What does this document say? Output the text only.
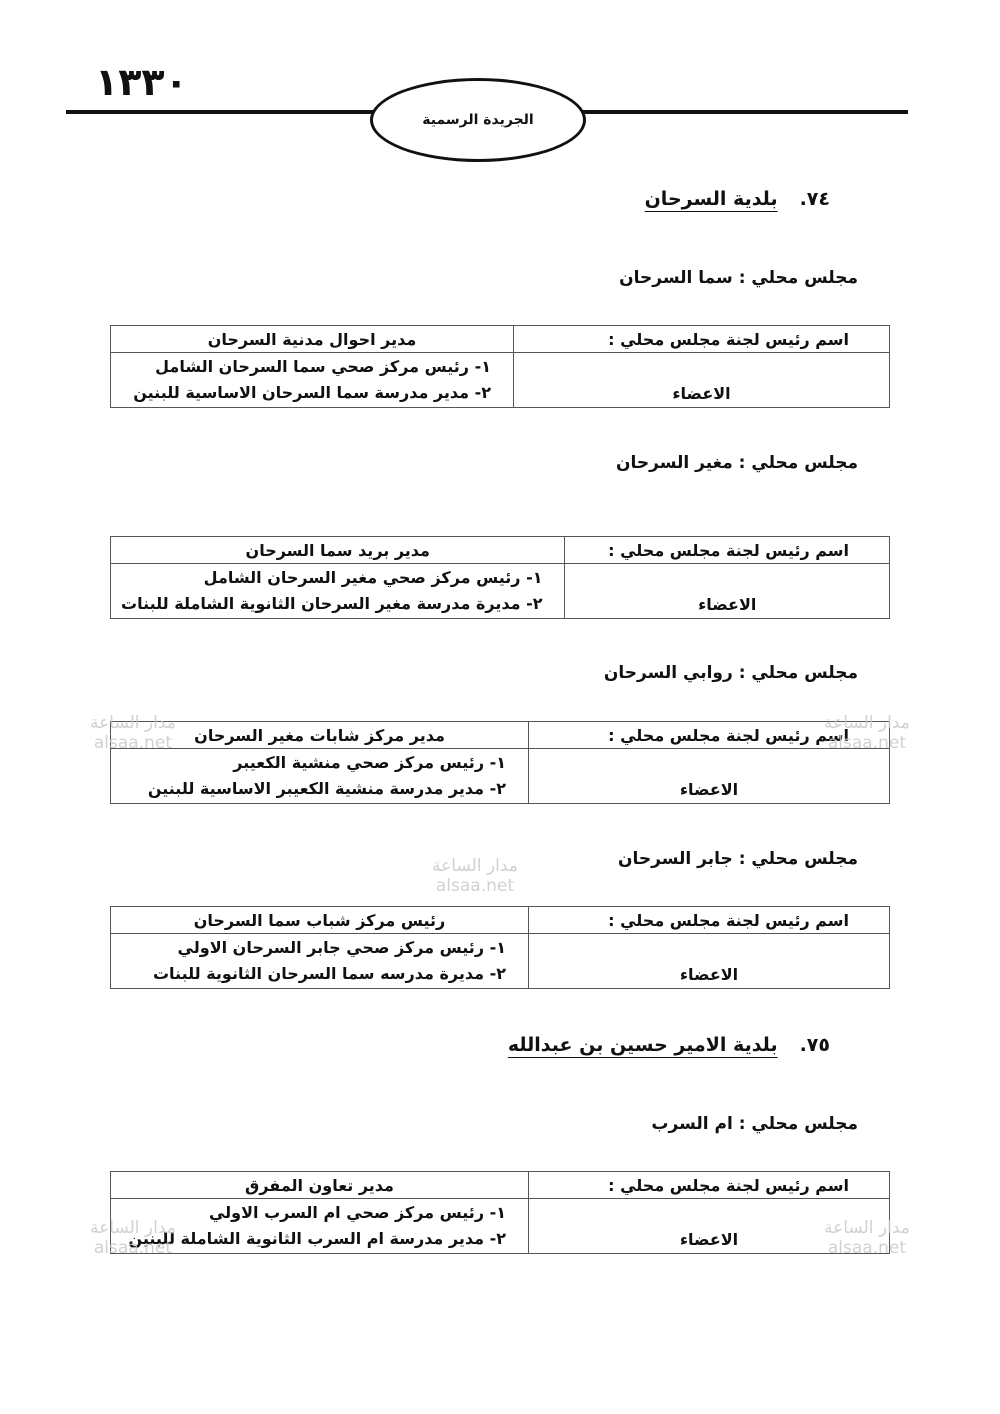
١٣٣٠
الجريدة الرسمية
٧٤.
بلدية السرحان
مجلس محلي : سما السرحان
اسم رئيس لجنة مجلس محلي :	مدير احوال مدنية السرحان
الاعضاء	١- رئيس مركز صحي سما السرحان الشامل
٢- مدير مدرسة سما السرحان الاساسية للبنين
مجلس محلي : مغير السرحان
اسم رئيس لجنة مجلس محلي :	مدير بريد سما السرحان
الاعضاء	١- رئيس مركز صحي مغير السرحان الشامل
٢- مديرة مدرسة مغير السرحان الثانوية الشاملة للبنات
مجلس محلي : روابي السرحان
اسم رئيس لجنة مجلس محلي :	مدير مركز شابات مغير السرحان
الاعضاء	١- رئيس مركز صحي منشية الكعيبر
٢- مدير مدرسة منشية الكعيبر الاساسية للبنين
مجلس محلي : جابر السرحان
اسم رئيس لجنة مجلس محلي :	رئيس مركز شباب سما السرحان
الاعضاء	١- رئيس مركز صحي جابر السرحان الاولي
٢- مديرة مدرسه سما السرحان الثانوية للبنات
٧٥.
بلدية الامير حسين بن عبدالله
مجلس محلي : ام السرب
اسم رئيس لجنة مجلس محلي :	مدير تعاون المفرق
الاعضاء	١- رئيس مركز صحي ام السرب الاولي
٢- مدير مدرسة ام السرب الثانوية الشاملة للبنين
مدار الساعة
alsaa.net
مدار الساعة
alsaa.net
مدار الساعة
alsaa.net
مدار الساعة
alsaa.net
مدار الساعة
alsaa.net
